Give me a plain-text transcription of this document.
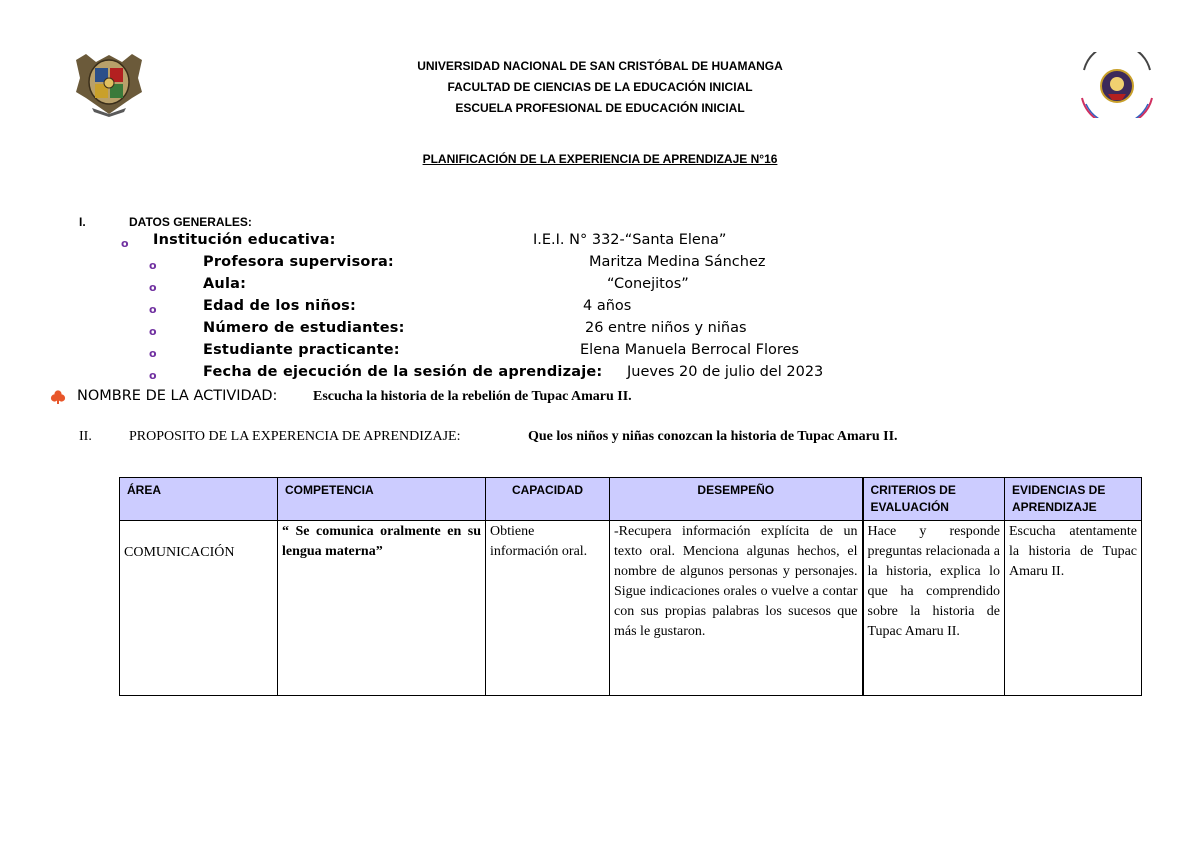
UNIVERSIDAD NACIONAL DE SAN CRISTÓBAL DE HUAMANGA
FACULTAD DE CIENCIAS DE LA EDUCACIÓN INICIAL
ESCUELA PROFESIONAL DE EDUCACIÓN INICIAL
PLANIFICACIÓN DE LA EXPERIENCIA DE APRENDIZAJE N°16
I.	DATOS GENERALES:
o Institución educativa:	I.E.I. N° 332-“Santa Elena”
o	Profesora supervisora:	Maritza Medina Sánchez
o	Aula:	“Conejitos”
o	Edad de los niños:	4 años
o	Número de estudiantes:	26 entre niños y niñas
o	Estudiante practicante:	Elena Manuela Berrocal Flores
o	Fecha de ejecución de la sesión de aprendizaje: Jueves 20 de julio del 2023
NOMBRE DE LA ACTIVIDAD:	Escucha la historia de la rebelión de Tupac Amaru II.
II.	PROPOSITO DE LA EXPERENCIA DE APRENDIZAJE:	Que los niños y niñas conozcan la historia de Tupac Amaru II.
ÁREA	COMPETENCIA	CAPACIDAD	DESEMPEÑO	CRITERIOS DE EVALUACIÓN	EVIDENCIAS DE APRENDIZAJE
COMUNICACIÓN	“ Se comunica oralmente en su lengua materna”	Obtiene información oral.	-Recupera información explícita de un texto oral. Menciona algunas hechos, el nombre de algunos personas y personajes. Sigue indicaciones orales o vuelve a contar con sus propias palabras los sucesos que más le gustaron.	Hace y responde preguntas relacionada a la historia, explica lo que ha comprendido sobre la historia de Tupac Amaru II.	Escucha atentamente la historia de Tupac Amaru II.
